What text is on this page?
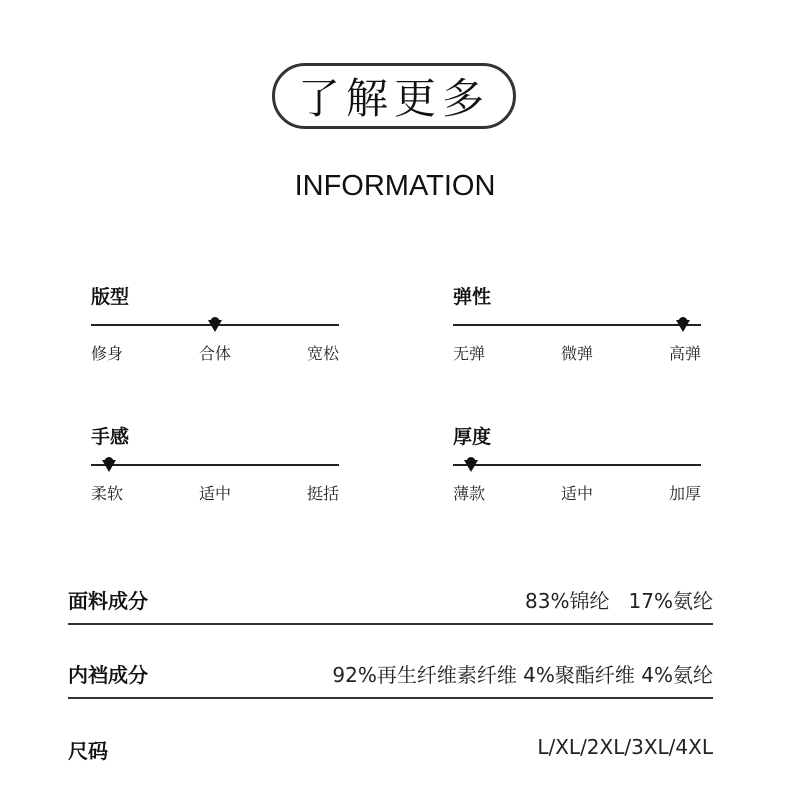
了解更多
INFORMATION
版型
修身	合体	宽松
弹性
无弹	微弹	高弹
手感
柔软	适中	挺括
厚度
薄款	适中	加厚
面料成分	83%锦纶   17%氨纶
内裆成分	92%再生纤维素纤维 4%聚酯纤维 4%氨纶
尺码	L/XL/2XL/3XL/4XL
